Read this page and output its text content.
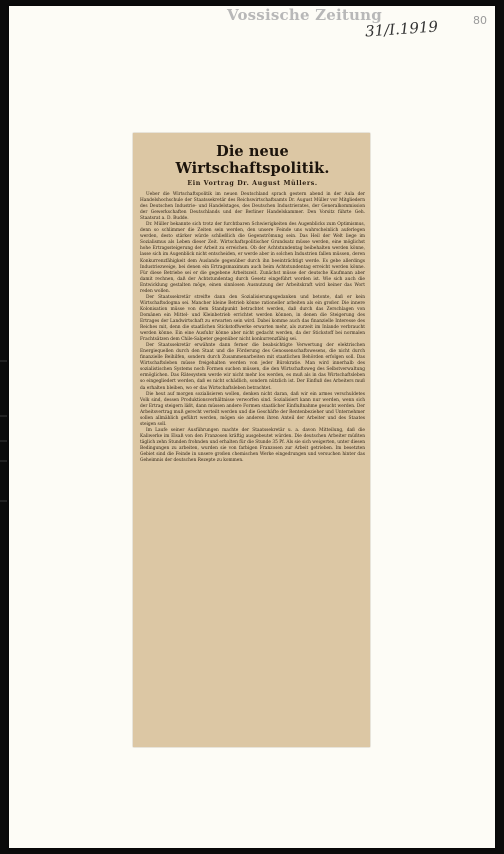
Vossische Zeitung
31/I.1919	80
Die neue Wirtschaftspolitik.
Ein Vortrag Dr. August Müllers.

Ueber die Wirtschaftspolitik im neuen Deutschland sprach gestern abend in der Aula der Handelshochschule der Staatssekretär des Reichswirtschaftsamts Dr. August Müller vor Mitgliedern des Deutschen Industrie- und Handelstages, des Deutschen Industrierates, der Generalkommission der Gewerkschaften Deutschlands und der Berliner Handelskammer. Den Vorsitz führte Geh. Staatsrat a. D. Budde.

Dr. Müller bekannte sich trotz der furchtbaren Schwierigkeiten des Augenblicks zum Optimismus, denn so schlimmer die Zeiten sein werden, den unsere Feinde uns wahrscheinlich auferlegen werden, desto stärker würde schließlich die Gegenströmung sein. Das Heil der Welt liege im Sozialismus als Leben dieser Zeit. Wirtschaftspolitischer Grundsatz müsse werden, eine möglichst hohe Ertragssteigerung der Arbeit zu erreichen. Ob der Achtstundentag beibehalten werden könne, lasse sich im Augenblick nicht entscheiden, er werde aber in solchen Industrien fallen müssen, deren Konkurrenzfähigkeit dem Auslande gegenüber durch ihn beeinträchtigt werde. Es gebe allerdings Industriezweige, bei denen ein Ertragsmaximum auch beim Achtstundentag erreicht werden könne. Für diese Betriebe sei er die gegebene Arbeitszeit. Zunächst müsse der deutsche Kaufmann aber damit rechnen, daß der Achtstundentag durch Gesetz eingeführt worden ist. Wie sich auch die Entwicklung gestalten möge, einen sinnlosen Ausnutzung der Arbeitskraft wird keiner das Wort reden wollen.

Der Staatssekretär streifte dann den Sozialisierungsgedanken und betonte, daß er kein Wirtschaftsdogma sei. Mancher kleine Betrieb könne rationeller arbeiten als ein großer. Die innere Kolonisation müsse von dem Standpunkt betrachtet werden, daß durch das Zerschlagen von Domänen ein Mittel- und Kleinbetrieb errichtet werden können, in denen die Steigerung des Ertrages der Landwirtschaft zu erwarten sein wird. Dabei komme auch das finanzielle Interesse des Reiches mit, denn die staatlichen Stickstoffwerke erwarten mehr, als zurzeit im Inlande verbraucht werden könne. Ein eine Ausfuhr könne aber nicht gedacht werden, da der Stickstoff bei normalen Frachtsätzen dem Chile-Salpeter gegenüber nicht konkurrenzfähig sei.

Der Staatssekretär erwähnte dann ferner die beabsichtigte Verwertung der elektrischen Energiequellen durch den Staat und die Förderung des Genossenschaftswesens, die nicht durch finanzielle Beihilfen, sondern durch Zusammenarbeiten mit staatlichen Behörden erfolgen soll. Das Wirtschaftsleben müsse freigehalten werden von jeder Bürokratie. Man wird innerhalb des sozialistischen Systems noch Formen suchen müssen, die den Wirtschaftsweg des Selbstverwaltung ermöglichen. Das Rätesystem werde wir nicht mehr los werden, es muß als in das Wirtschaftsleben so eingegliedert werden, daß es nicht schädlich, sondern nützlich ist. Der Einfluß des Arbeiters muß da erhalten bleiben, wo er das Wirtschaftsleben betrachtet.

Die heut auf morgen sozialisieren wollen, denken nicht daran, daß wir ein armes verschuldetes Volk sind, dessen Produktionsverhältnisse verworfen sind. Sozialisiert kann nur werden, wenn sich der Ertrag steigern läßt, dann müssen andere Formen staatlicher Einflußnahme gesucht werden. Der Arbeitsvertrag muß gerecht verteilt werden und die Geschäfte der Rentenbezieher und Unternehmer sollen allmählich geführt werden, mögen sie anderen ihren Anteil der Arbeiter und des Staates steigen soll.

Im Laufe seiner Ausführungen machte der Staatssekretär u. a. davon Mitteilung, daß die Kaliwerke im Elsaß von den Franzosen kräftig ausgebeutet würden. Die deutschen Arbeiter müßten täglich zehn Stunden frohnden und erhalten für die Stunde 35 Pf. Als sie sich weigerten, unter diesen Bedingungen zu arbeiten, wurden sie von farbigen Franzosen zur Arbeit getrieben. Im besetzten Gebiet sind die Feinde in unsere großen chemischen Werke eingedrungen und versuchen hinter das Geheimnis der deutschen Rezepte zu kommen.
